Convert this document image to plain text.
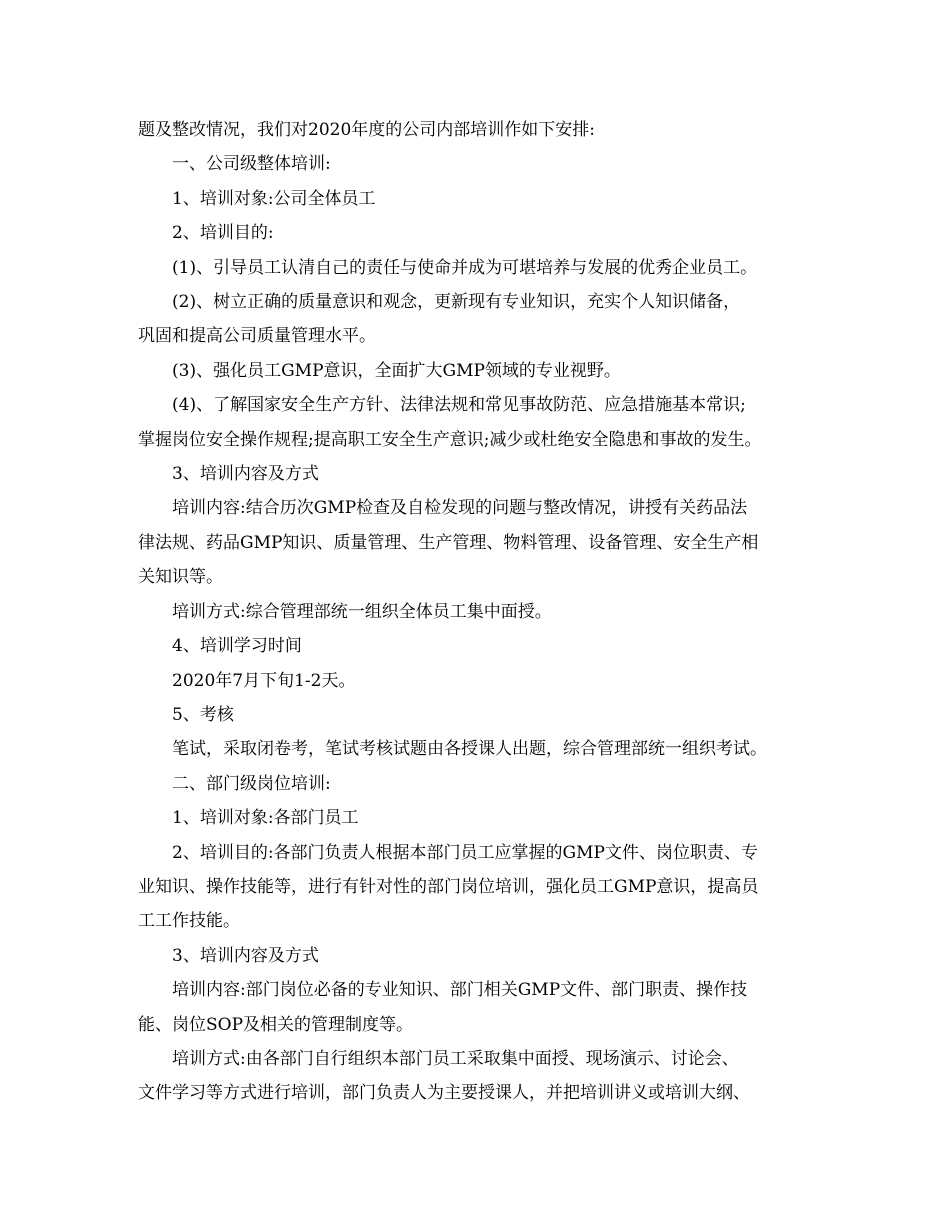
题及整改情况，我们对2020年度的公司内部培训作如下安排:

一、公司级整体培训:

1、培训对象:公司全体员工

2、培训目的:

(1)、引导员工认清自己的责任与使命并成为可堪培养与发展的优秀企业员工。

(2)、树立正确的质量意识和观念，更新现有专业知识，充实个人知识储备，

巩固和提高公司质量管理水平。

(3)、强化员工GMP意识，全面扩大GMP领域的专业视野。

(4)、了解国家安全生产方针、法律法规和常见事故防范、应急措施基本常识;

掌握岗位安全操作规程;提高职工安全生产意识;减少或杜绝安全隐患和事故的发生。

3、培训内容及方式

培训内容:结合历次GMP检查及自检发现的问题与整改情况，讲授有关药品法

律法规、药品GMP知识、质量管理、生产管理、物料管理、设备管理、安全生产相

关知识等。

培训方式:综合管理部统一组织全体员工集中面授。

4、培训学习时间

2020年7月下旬1-2天。

5、考核

笔试，采取闭卷考，笔试考核试题由各授课人出题，综合管理部统一组织考试。

二、部门级岗位培训:

1、培训对象:各部门员工

2、培训目的:各部门负责人根据本部门员工应掌握的GMP文件、岗位职责、专

业知识、操作技能等，进行有针对性的部门岗位培训，强化员工GMP意识，提高员

工工作技能。

3、培训内容及方式

培训内容:部门岗位必备的专业知识、部门相关GMP文件、部门职责、操作技

能、岗位SOP及相关的管理制度等。

培训方式:由各部门自行组织本部门员工采取集中面授、现场演示、讨论会、

文件学习等方式进行培训，部门负责人为主要授课人，并把培训讲义或培训大纲、
